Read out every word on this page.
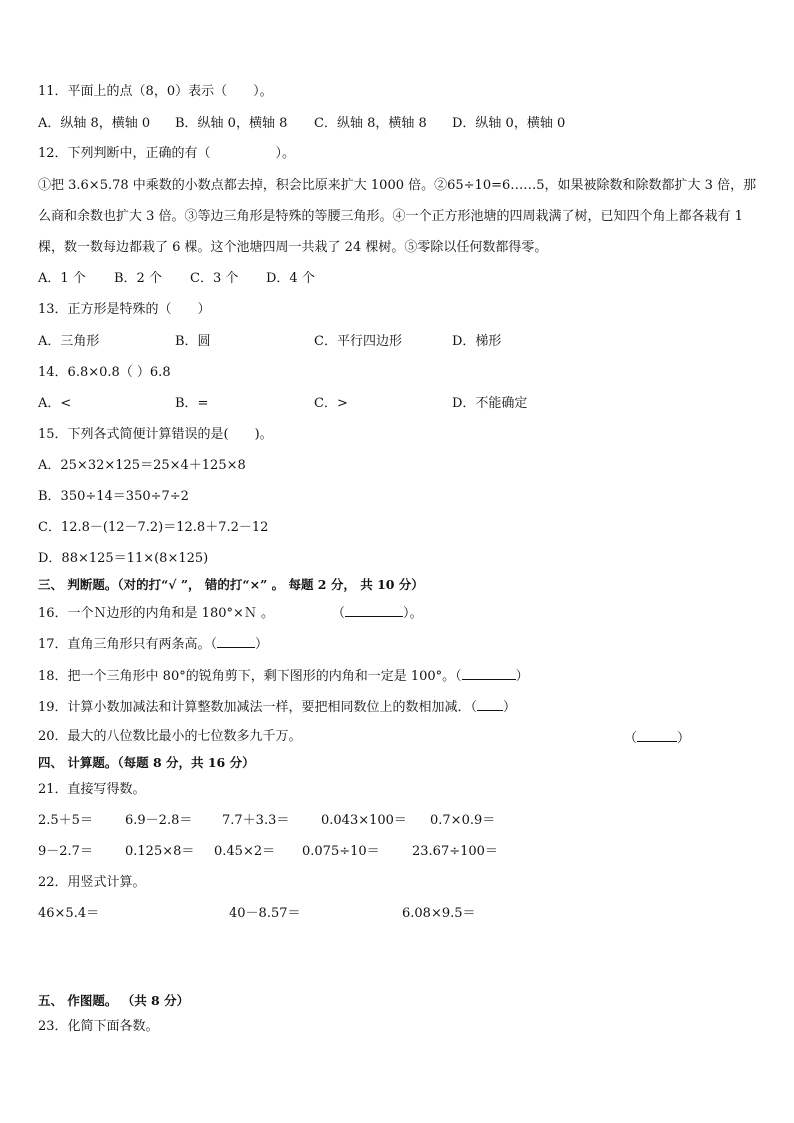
11．平面上的点（8，0）表示（　　）。
A．纵轴 8，横轴 0 B．纵轴 0，横轴 8 C．纵轴 8，横轴 8 D．纵轴 0，横轴 0
12．下列判断中，正确的有（　　　　　）。
①把 3.6×5.78 中乘数的小数点都去掉，积会比原来扩大 1000 倍。②65÷10=6……5，如果被除数和除数都扩大 3 倍，那么商和余数也扩大 3 倍。③等边三角形是特殊的等腰三角形。④一个正方形池塘的四周栽满了树，已知四个角上都各栽有 1 棵，数一数每边都栽了 6 棵。这个池塘四周一共栽了 24 棵树。⑤零除以任何数都得零。
A．1 个 B．2 个 C．3 个 D．4 个
13．正方形是特殊的（　　）
A．三角形	B．圆	C．平行四边形	D．梯形
14．6.8×0.8（ ）6.8
A．<	B．=	C．>	D．不能确定
15．下列各式简便计算错误的是(　　)。
A．25×32×125＝25×4＋125×8
B．350÷14＝350÷7÷2
C．12.8－(12－7.2)＝12.8＋7.2－12
D．88×125＝11×(8×125)
三、 判断题。（对的打“√ ”， 错的打“×” 。 每题 2 分， 共 10 分）
16．一个Ｎ边形的内角和是 180°×Ｎ 。	（	）。
17．直角三角形只有两条高。（	）
18．把一个三角形中 80°的锐角剪下，剩下图形的内角和一定是 100°。（	）
19．计算小数加减法和计算整数加减法一样，要把相同数位上的数相加减．（ ）
20．最大的八位数比最小的七位数多九千万。	（	）
四、 计算题。（每题 8 分，共 16 分）
21．直接写得数。
2.5＋5＝ 6.9－2.8＝ 7.7＋3.3＝ 0.043×100＝ 0.7×0.9＝
9－2.7＝ 0.125×8＝ 0.45×2＝ 0.075÷10＝ 23.67÷100＝
22．用竖式计算。
46×5.4＝	40－8.57＝	6.08×9.5＝
五、 作图题。 （共 8 分）
23．化简下面各数。
